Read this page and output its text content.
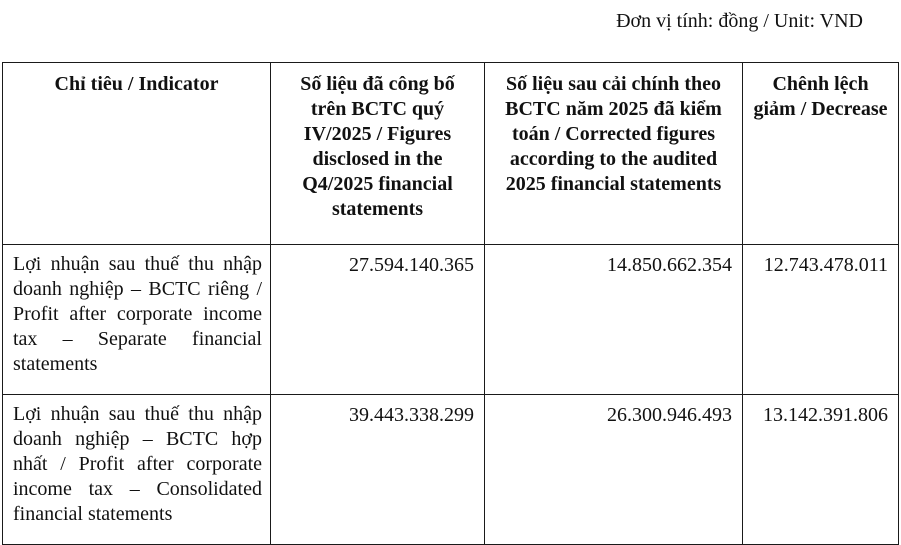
Đơn vị tính: đồng / Unit: VND
Chỉ tiêu / Indicator	Số liệu đã công bố trên BCTC quý IV/2025 / Figures disclosed in the Q4/2025 financial statements	Số liệu sau cải chính theo BCTC năm 2025 đã kiểm toán / Corrected figures according to the audited 2025 financial statements	Chênh lệch giảm / Decrease

Lợi nhuận sau thuế thu nhập doanh nghiệp – BCTC riêng / Profit after corporate income tax – Separate financial statements	27.594.140.365	14.850.662.354	12.743.478.011
Lợi nhuận sau thuế thu nhập doanh nghiệp – BCTC hợp nhất / Profit after corporate income tax – Consolidated financial statements	39.443.338.299	26.300.946.493	13.142.391.806
